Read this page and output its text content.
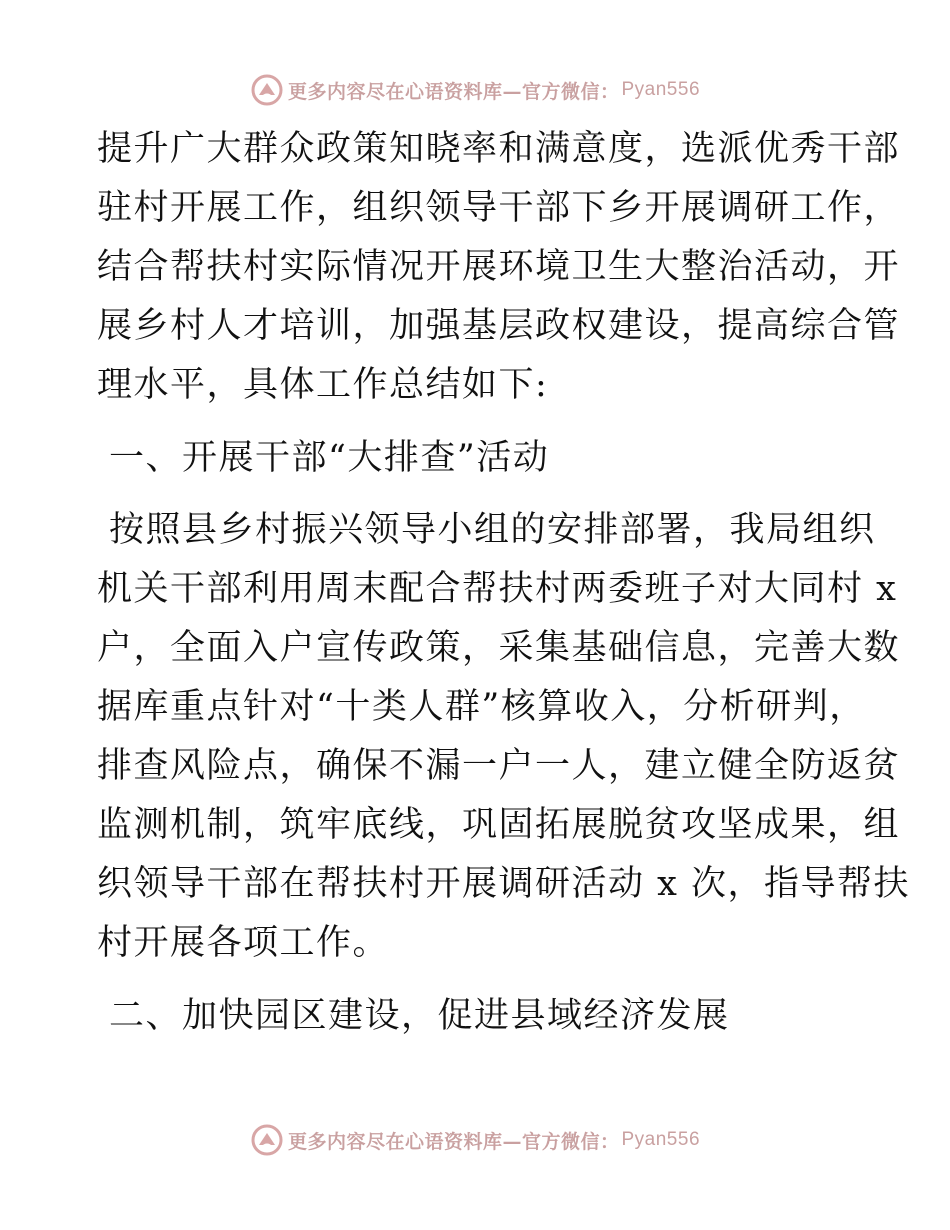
更多内容尽在心语资料库—官方微信： Pyan556
提升广大群众政策知晓率和满意度，选派优秀干部
驻村开展工作，组织领导干部下乡开展调研工作，
结合帮扶村实际情况开展环境卫生大整治活动，开
展乡村人才培训，加强基层政权建设，提高综合管
理水平，具体工作总结如下:
一、开展干部“大排查”活动
按照县乡村振兴领导小组的安排部署，我局组织
机关干部利用周末配合帮扶村两委班子对大同村 x
户，全面入户宣传政策，采集基础信息，完善大数
据库重点针对“十类人群”核算收入，分析研判，
排查风险点，确保不漏一户一人，建立健全防返贫
监测机制，筑牢底线，巩固拓展脱贫攻坚成果，组
织领导干部在帮扶村开展调研活动 x 次，指导帮扶
村开展各项工作。
二、加快园区建设，促进县域经济发展
更多内容尽在心语资料库—官方微信： Pyan556
